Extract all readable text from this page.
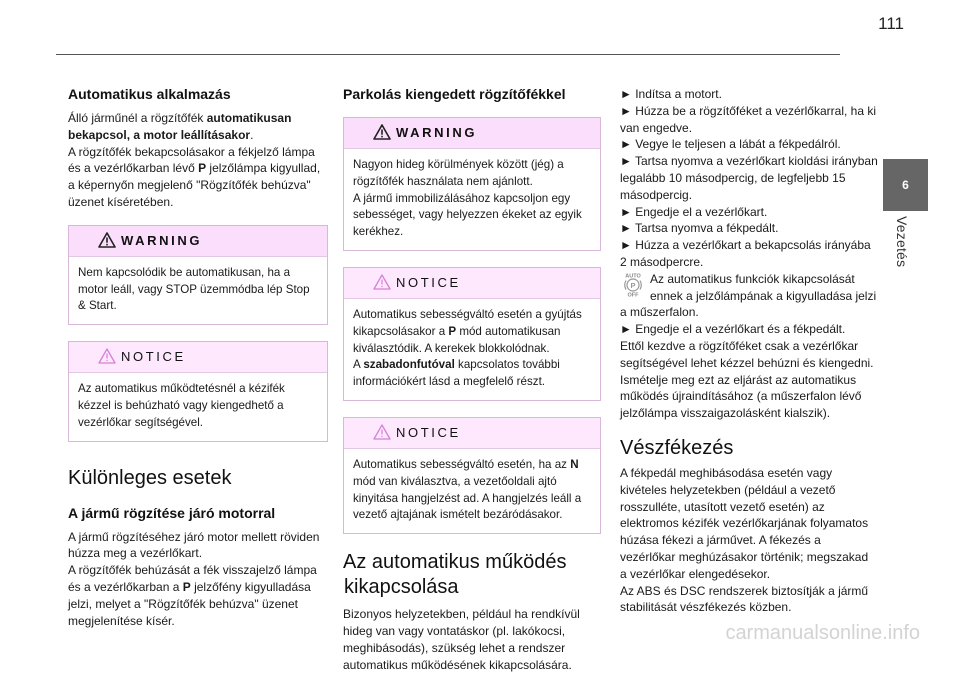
111
6
Vezetés
Automatikus alkalmazás

Álló járműnél a rögzítőfék automatikusan bekapcsol, a motor leállításakor.
A rögzítőfék bekapcsolásakor a fékjelző lámpa és a vezérlőkarban lévő P jelzőlámpa kigyullad, a képernyőn megjelenő "Rögzítőfék behúzva" üzenet kíséretében.

WARNING
Nem kapcsolódik be automatikusan, ha a motor leáll, vagy STOP üzemmódba lép Stop & Start.
NOTICE
Az automatikus működtetésnél a kézifék kézzel is behúzható vagy kiengedhető a vezérlőkar segítségével.
Különleges esetek
A jármű rögzítése járó motorral

A jármű rögzítéséhez járó motor mellett röviden húzza meg a vezérlőkart.
A rögzítőfék behúzását a fék visszajelző lámpa és a vezérlőkarban a P jelzőfény kigyulladása jelzi, melyet a "Rögzítőfék behúzva" üzenet megjelenítése kísér.

Parkolás kiengedett rögzítőfékkel
WARNING
Nagyon hideg körülmények között (jég) a rögzítőfék használata nem ajánlott.
A jármű immobilizálásához kapcsoljon egy sebességet, vagy helyezzen ékeket az egyik kerékhez.
NOTICE
Automatikus sebességváltó esetén a gyújtás kikapcsolásakor a P mód automatikusan kiválasztódik. A kerekek blokkolódnak.
A szabadonfutóval kapcsolatos további információkért lásd a megfelelő részt.
NOTICE
Automatikus sebességváltó esetén, ha az N mód van kiválasztva, a vezetőoldali ajtó kinyitása hangjelzést ad. A hangjelzés leáll a vezető ajtajának ismételt bezáródásakor.
Az automatikus működés
kikapcsolása

Bizonyos helyzetekben, például ha rendkívül hideg van vagy vontatáskor (pl. lakókocsi, meghibásodás), szükség lehet a rendszer automatikus működésének kikapcsolására.

► Indítsa a motort.

► Húzza be a rögzítőféket a vezérlőkarral, ha ki van engedve.

► Vegye le teljesen a lábát a fékpedálról.

► Tartsa nyomva a vezérlőkart kioldási irányban legalább 10 másodpercig, de legfeljebb 15 másodpercig.

► Engedje el a vezérlőkart.

► Tartsa nyomva a fékpedált.

► Húzza a vezérlőkart a bekapcsolás irányába 2 másodpercre.

AUTO
P
OFF
Az automatikus funkciók kikapcsolását ennek a jelzőlámpának a kigyulladása jelzi a műszerfalon.

► Engedje el a vezérlőkart és a fékpedált.

Ettől kezdve a rögzítőféket csak a vezérlőkar segítségével lehet kézzel behúzni és kiengedni. Ismételje meg ezt az eljárást az automatikus működés újraindításához (a műszerfalon lévő jelzőlámpa visszaigazolásként kialszik).

Vészfékezés

A fékpedál meghibásodása esetén vagy kivételes helyzetekben (például a vezető rosszulléte, utasított vezető esetén) az elektromos kézifék vezérlőkarjának folyamatos húzása fékezi a járművet. A fékezés a vezérlőkar meghúzásakor történik; megszakad a vezérlőkar elengedésekor.
Az ABS és DSC rendszerek biztosítják a jármű stabilitását vészfékezés közben.

carmanualsonline.info
